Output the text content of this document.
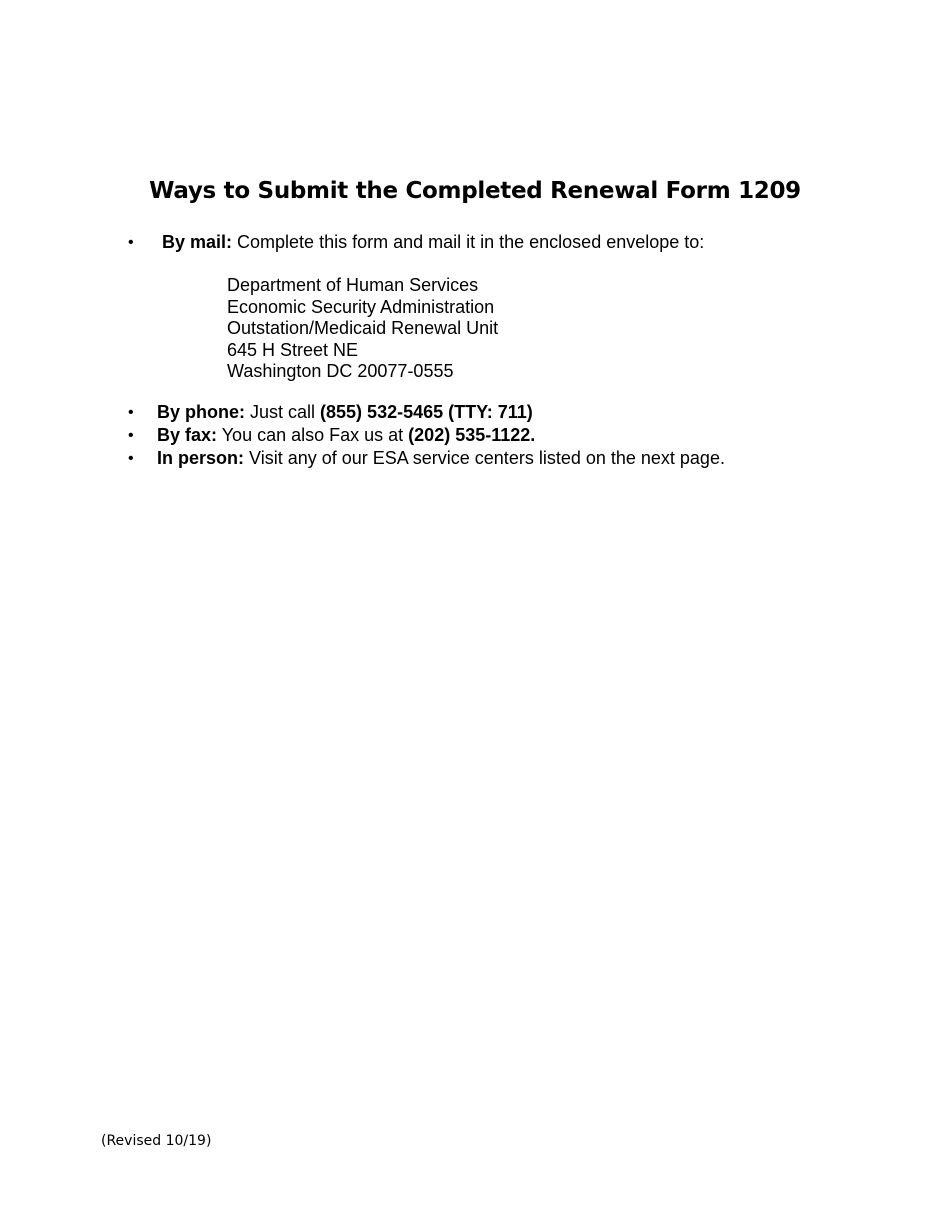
Ways to Submit the Completed Renewal Form 1209
• By mail: Complete this form and mail it in the enclosed envelope to:
Department of Human Services
Economic Security Administration
Outstation/Medicaid Renewal Unit
645 H Street NE
Washington DC 20077-0555
• By phone: Just call (855) 532-5465 (TTY: 711)
• By fax: You can also Fax us at (202) 535-1122.
• In person: Visit any of our ESA service centers listed on the next page.
(Revised 10/19)
